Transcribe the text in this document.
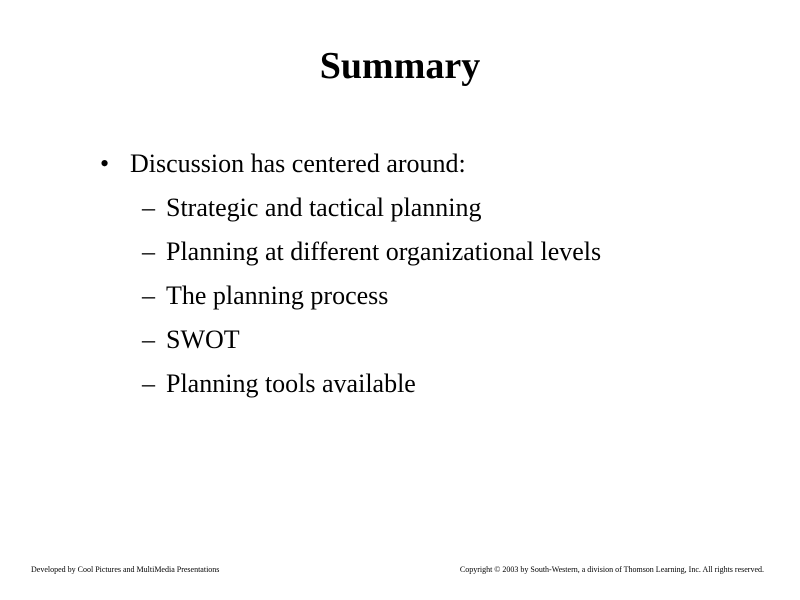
Summary
• Discussion has centered around:
– Strategic and tactical planning
– Planning at different organizational levels
– The planning process
– SWOT
– Planning tools available
Developed by Cool Pictures and MultiMedia Presentations	Copyright © 2003 by South-Western, a division of Thomson Learning, Inc. All rights reserved.
